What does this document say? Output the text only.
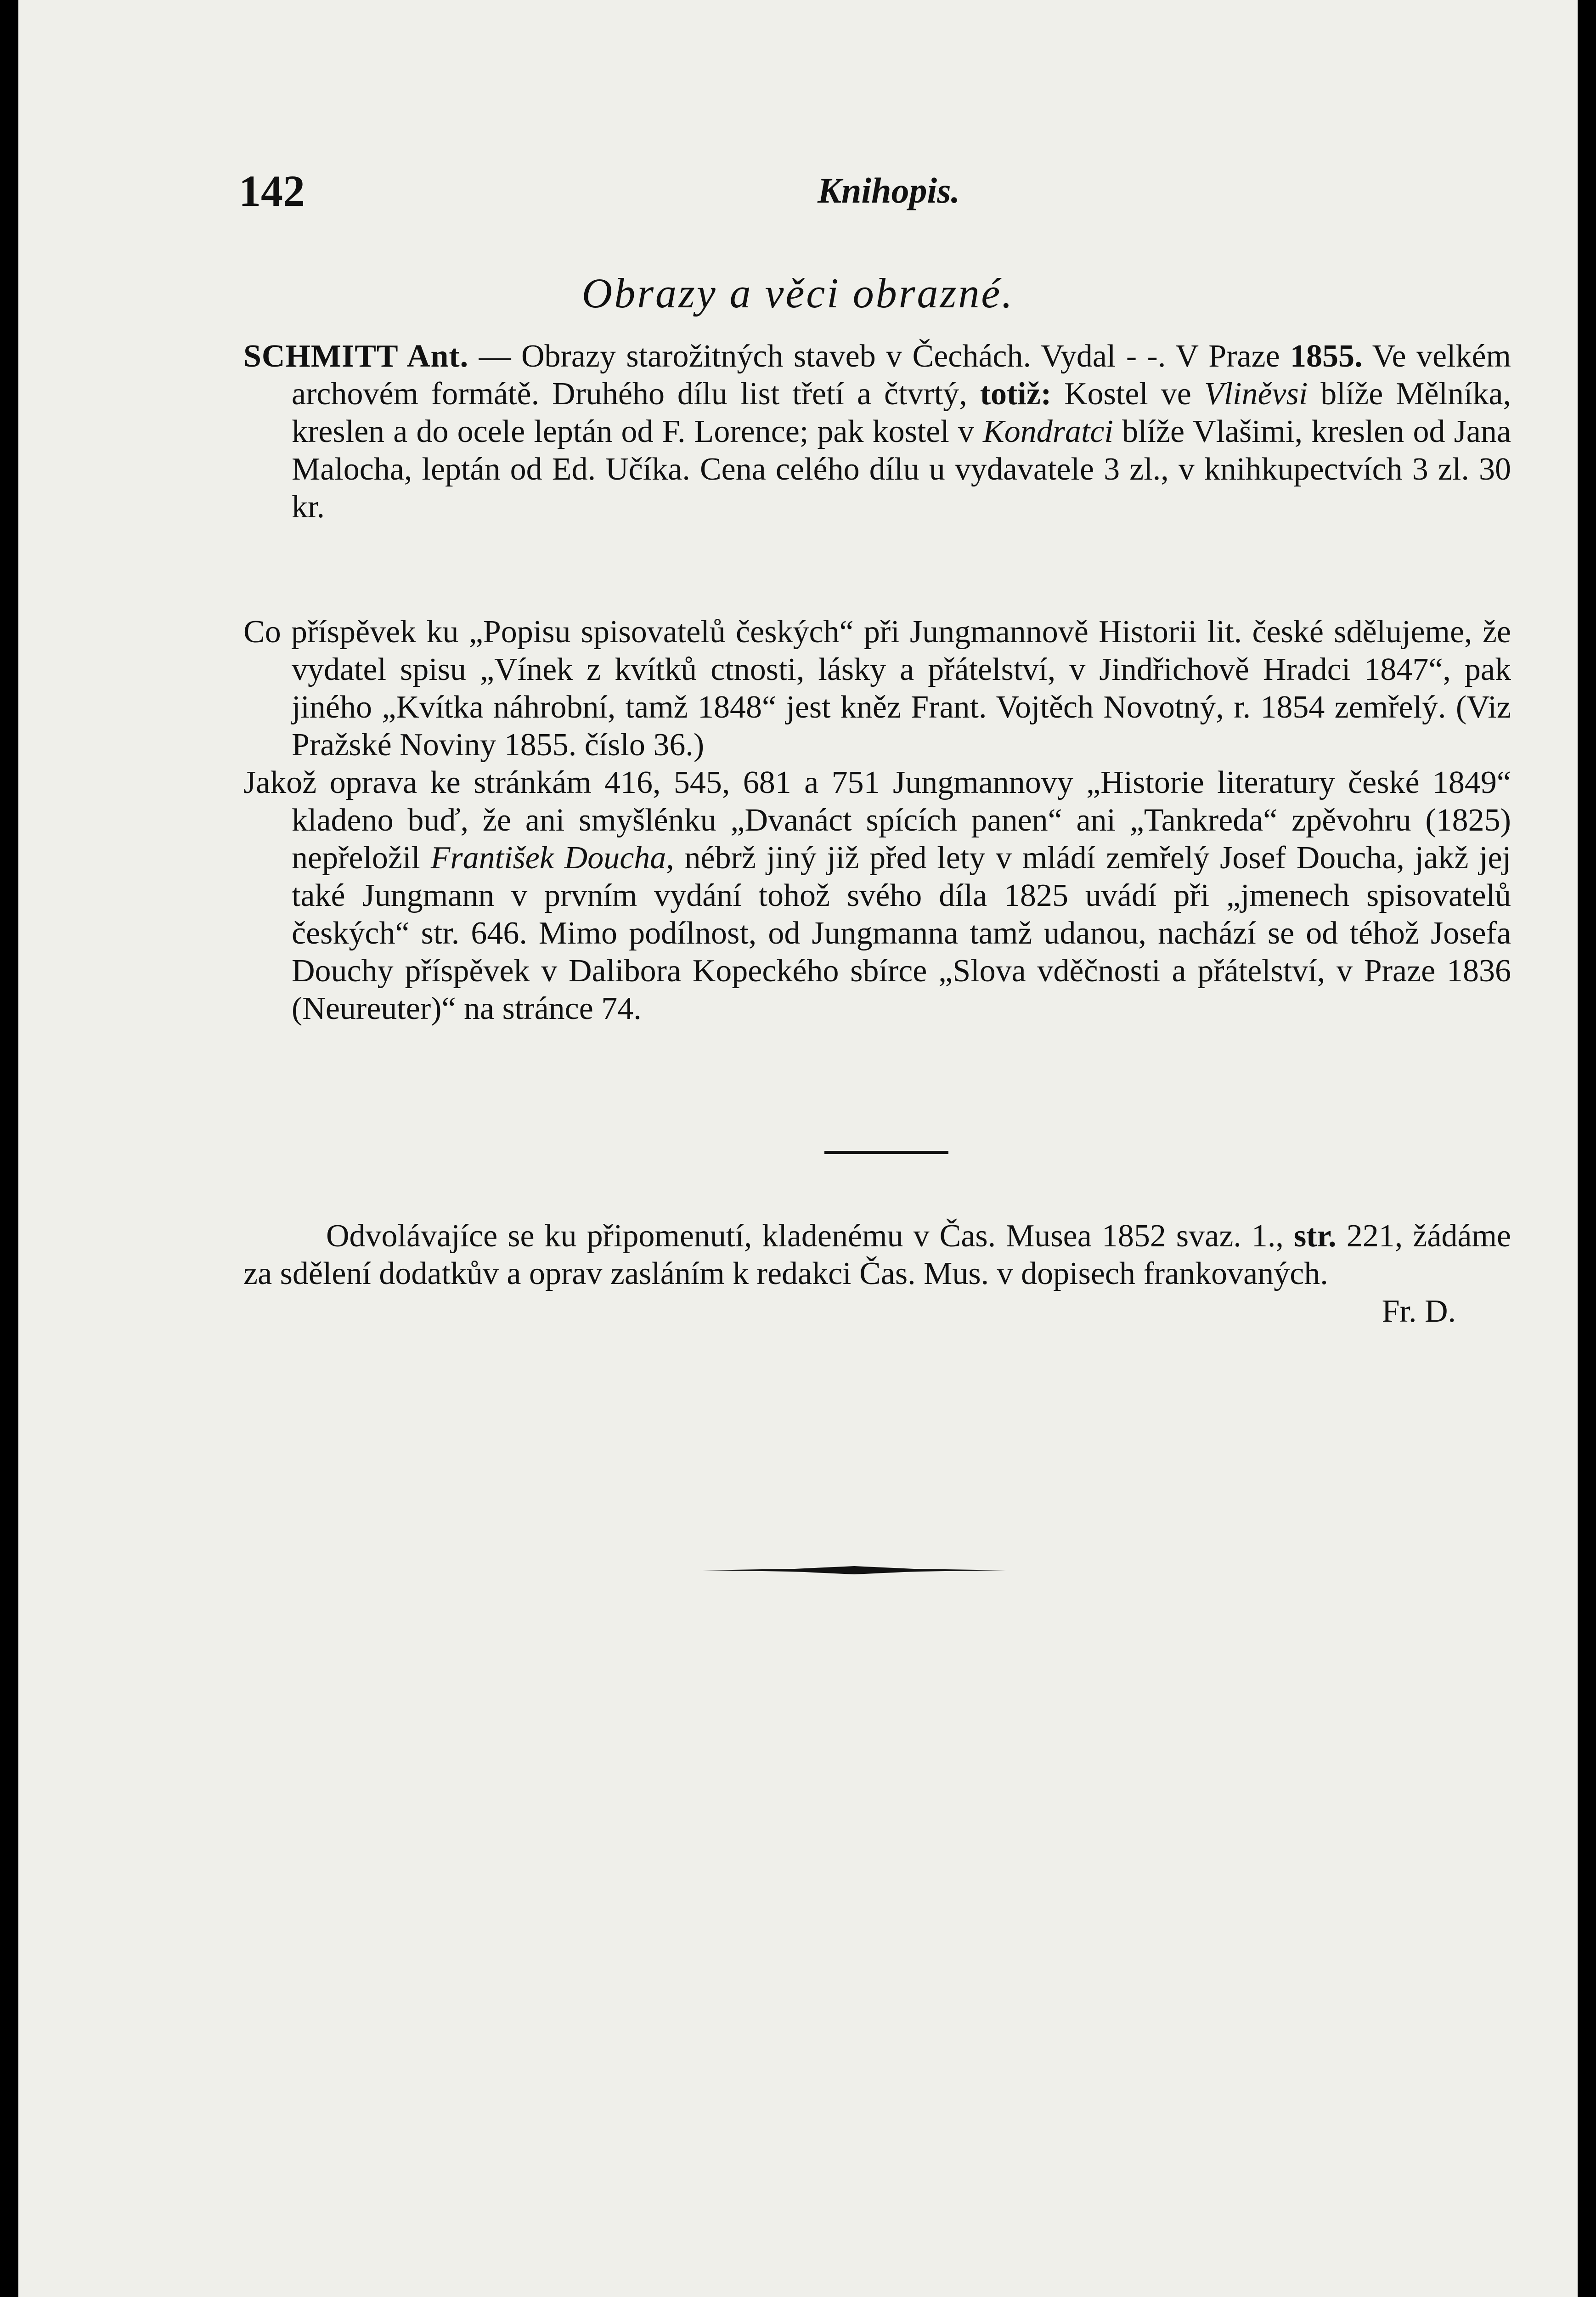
142	Knihopis.
Obrazy a věci obrazné.

SCHMITT Ant. — Obrazy starožitných staveb v Čechách. Vydal - -. V Praze 1855. Ve velkém archovém formátě. Druhého dílu list třetí a čtvrtý, totiž: Kostel ve Vliněvsi blíže Mělníka, kreslen a do ocele leptán od F. Lorence; pak kostel v Kondratci blíže Vlašimi, kreslen od Jana Malocha, leptán od Ed. Učíka. Cena celého dílu u vydavatele 3 zl., v knihkupectvích 3 zl. 30 kr.

Co příspěvek ku „Popisu spisovatelů českých“ při Jungmannově Historii lit. české sdělujeme, že vydatel spisu „Vínek z kvítků ctnosti, lásky a přátelství, v Jindřichově Hradci 1847“, pak jiného „Kvítka náhrobní, tamž 1848“ jest kněz Frant. Vojtěch Novotný, r. 1854 zemřelý. (Viz Pražské Noviny 1855. číslo 36.)

Jakož oprava ke stránkám 416, 545, 681 a 751 Jungmannovy „Historie literatury české 1849“ kladeno buď, že ani smyšlénku „Dvanáct spících panen“ ani „Tankreda“ zpěvohru (1825) nepřeložil František Doucha, nébrž jiný již před lety v mládí zemřelý Josef Doucha, jakž jej také Jungmann v prvním vydání tohož svého díla 1825 uvádí při „jmenech spisovatelů českých“ str. 646. Mimo podílnost, od Jungmanna tamž udanou, nachází se od téhož Josefa Douchy příspěvek v Dalibora Kopeckého sbírce „Slova vděčnosti a přátelství, v Praze 1836 (Neureuter)“ na stránce 74.

Odvolávajíce se ku připomenutí, kladenému v Čas. Musea 1852 svaz. 1., str. 221, žádáme za sdělení dodatkův a oprav zasláním k redakci Čas. Mus. v dopisech frankovaných.
Fr. D.
